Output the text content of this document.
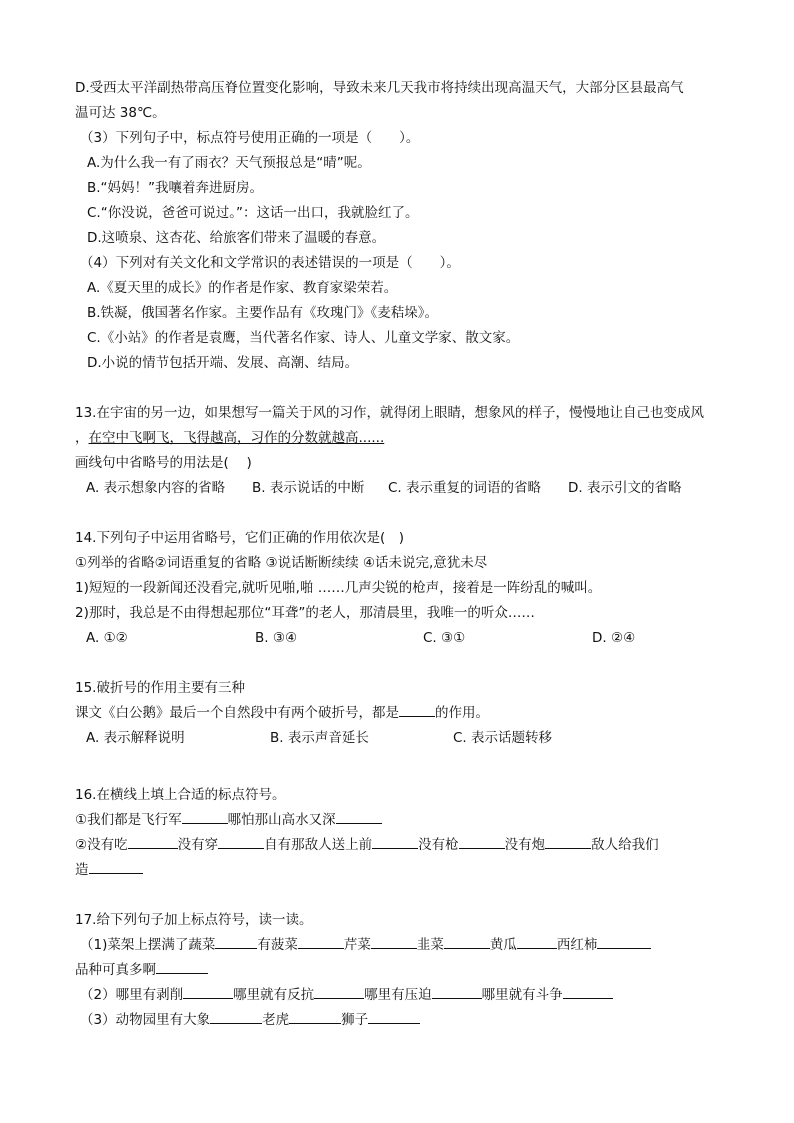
D.受西太平洋副热带高压脊位置变化影响，导致未来几天我市将持续出现高温天气，大部分区县最高气
温可达 38℃。
（3）下列句子中，标点符号使用正确的一项是（　　）。
A.为什么我一有了雨衣？天气预报总是“晴”呢。
B.“妈妈！”我嚷着奔进厨房。
C.“你没说，爸爸可说过。”：这话一出口，我就脸红了。
D.这喷泉、这杏花、给旅客们带来了温暖的春意。
（4）下列对有关文化和文学常识的表述错误的一项是（　　）。
A.《夏天里的成长》的作者是作家、教育家梁荣若。
B.铁凝，俄国著名作家。主要作品有《玫瑰门》《麦秸垛》。
C.《小站》的作者是袁鹰，当代著名作家、诗人、儿童文学家、散文家。
D.小说的情节包括开端、发展、高潮、结局。
13.在宇宙的另一边，如果想写一篇关于风的习作，就得闭上眼睛，想象风的样子，慢慢地让自己也变成风
，在空中飞啊飞，飞得越高，习作的分数就越高......
画线句中省略号的用法是(　 )
A. 表示想象内容的省略 B. 表示说话的中断 C. 表示重复的词语的省略 D. 表示引文的省略
14.下列句子中运用省略号，它们正确的作用依次是(　)
①列举的省略②词语重复的省略 ③说话断断续续 ④话未说完,意犹未尽
1)短短的一段新闻还没看完,就听见啪,啪 ……几声尖锐的枪声，接着是一阵纷乱的喊叫。
2)那时，我总是不由得想起那位“耳聋”的老人，那清晨里，我唯一的听众……
A. ①②	B. ③④	C. ③①	D. ②④
15.破折号的作用主要有三种
课文《白公鹅》最后一个自然段中有两个破折号，都是	的作用。
A. 表示解释说明	B. 表示声音延长	C. 表示话题转移
16.在横线上填上合适的标点符号。
①我们都是飞行军	哪怕那山高水又深
②没有吃	没有穿	自有那敌人送上前	没有枪	没有炮	敌人给我们
造
17.给下列句子加上标点符号，读一读。
（1)菜架上摆满了蔬菜	有菠菜	芹菜	韭菜	黄瓜	西红柿
品种可真多啊
（2）哪里有剥削	哪里就有反抗	哪里有压迫	哪里就有斗争
（3）动物园里有大象	老虎	狮子
